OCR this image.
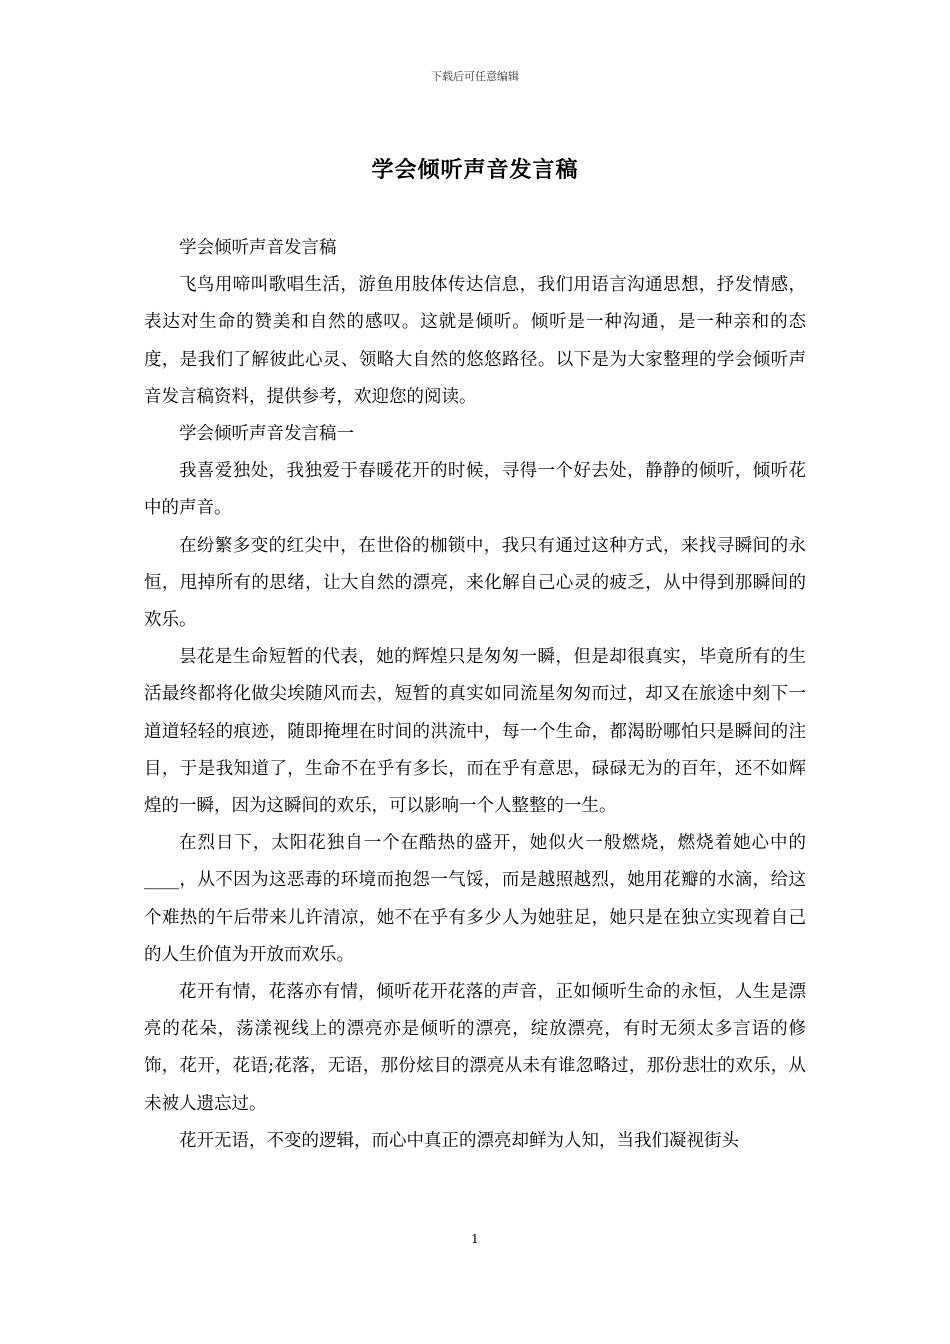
下载后可任意编辑
学会倾听声音发言稿

学会倾听声音发言稿

飞鸟用啼叫歌唱生活，游鱼用肢体传达信息，我们用语言沟通思想，抒发情感，表达对生命的赞美和自然的感叹。这就是倾听。倾听是一种沟通，是一种亲和的态度，是我们了解彼此心灵、领略大自然的悠悠路径。以下是为大家整理的学会倾听声音发言稿资料，提供参考，欢迎您的阅读。

学会倾听声音发言稿一

我喜爱独处，我独爱于春暖花开的时候，寻得一个好去处，静静的倾听，倾听花中的声音。

在纷繁多变的红尖中，在世俗的枷锁中，我只有通过这种方式，来找寻瞬间的永恒，甩掉所有的思绪，让大自然的漂亮，来化解自己心灵的疲乏，从中得到那瞬间的欢乐。

昙花是生命短暂的代表，她的辉煌只是匆匆一瞬，但是却很真实，毕竟所有的生活最终都将化做尖埃随风而去，短暂的真实如同流星匆匆而过，却又在旅途中刻下一道道轻轻的痕迹，随即掩埋在时间的洪流中，每一个生命，都渴盼哪怕只是瞬间的注目，于是我知道了，生命不在乎有多长，而在乎有意思，碌碌无为的百年，还不如辉煌的一瞬，因为这瞬间的欢乐，可以影响一个人整整的一生。

在烈日下，太阳花独自一个在酷热的盛开，她似火一般燃烧，燃烧着她心中的____，从不因为这恶毒的环境而抱怨一气馁，而是越照越烈，她用花瓣的水滴，给这个难热的午后带来儿许清凉，她不在乎有多少人为她驻足，她只是在独立实现着自己的人生价值为开放而欢乐。

花开有情，花落亦有情，倾听花开花落的声音，正如倾听生命的永恒，人生是漂亮的花朵，荡漾视线上的漂亮亦是倾听的漂亮，绽放漂亮，有时无须太多言语的修饰，花开，花语;花落，无语，那份炫目的漂亮从未有谁忽略过，那份悲壮的欢乐，从未被人遗忘过。

花开无语，不变的逻辑，而心中真正的漂亮却鲜为人知，当我们凝视街头

1
